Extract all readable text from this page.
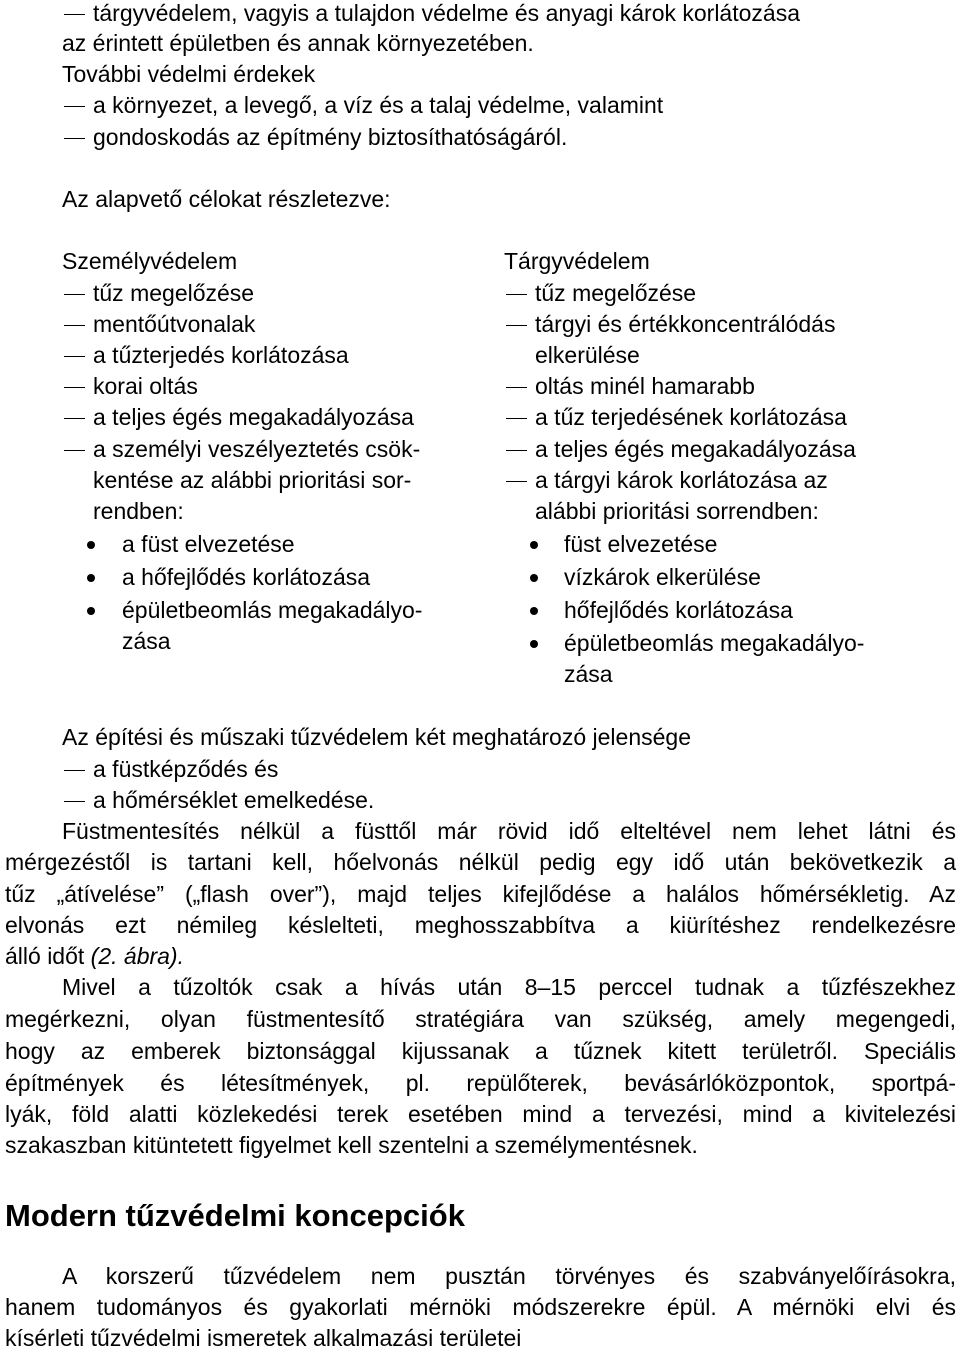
tárgyvédelem, vagyis a tulajdon védelme és anyagi károk korlátozása
az érintett épületben és annak környezetében.
További védelmi érdekek
a környezet, a levegő, a víz és a talaj védelme, valamint
gondoskodás az építmény biztosíthatóságáról.
Az alapvető célokat részletezve:
Személyvédelem
tűz megelőzése
mentőútvonalak
a tűzterjedés korlátozása
korai oltás
a teljes égés megakadályozása
a személyi veszélyeztetés csök-
kentése az alábbi prioritási sor-
rendben:
a füst elvezetése
a hőfejlődés korlátozása
épületbeomlás megakadályo-
zása
Tárgyvédelem
tűz megelőzése
tárgyi és értékkoncentrálódás
elkerülése
oltás minél hamarabb
a tűz terjedésének korlátozása
a teljes égés megakadályozása
a tárgyi károk korlátozása az
alábbi prioritási sorrendben:
füst elvezetése
vízkárok elkerülése
hőfejlődés korlátozása
épületbeomlás megakadályo-
zása
Az építési és műszaki tűzvédelem két meghatározó jelensége
a füstképződés és
a hőmérséklet emelkedése.
Füstmentesítés nélkül a füsttől már rövid idő elteltével nem lehet látni és
mérgezéstől is tartani kell, hőelvonás nélkül pedig egy idő után bekövetkezik a
tűz „átívelése” („flash over”), majd teljes kifejlődése a halálos hőmérsékletig. Az
elvonás ezt némileg késlelteti, meghosszabbítva a kiürítéshez rendelkezésre
álló időt (2. ábra).
Mivel a tűzoltók csak a hívás után 8–15 perccel tudnak a tűzfészekhez
megérkezni, olyan füstmentesítő stratégiára van szükség, amely megengedi,
hogy az emberek biztonsággal kijussanak a tűznek kitett területről. Speciális
építmények és létesítmények, pl. repülőterek, bevásárlóközpontok, sportpá-
lyák, föld alatti közlekedési terek esetében mind a tervezési, mind a kivitelezési
szakaszban kitüntetett figyelmet kell szentelni a személymentésnek.
Modern tűzvédelmi koncepciók
A korszerű tűzvédelem nem pusztán törvényes és szabványelőírásokra,
hanem tudományos és gyakorlati mérnöki módszerekre épül. A mérnöki elvi és
kísérleti tűzvédelmi ismeretek alkalmazási területei
